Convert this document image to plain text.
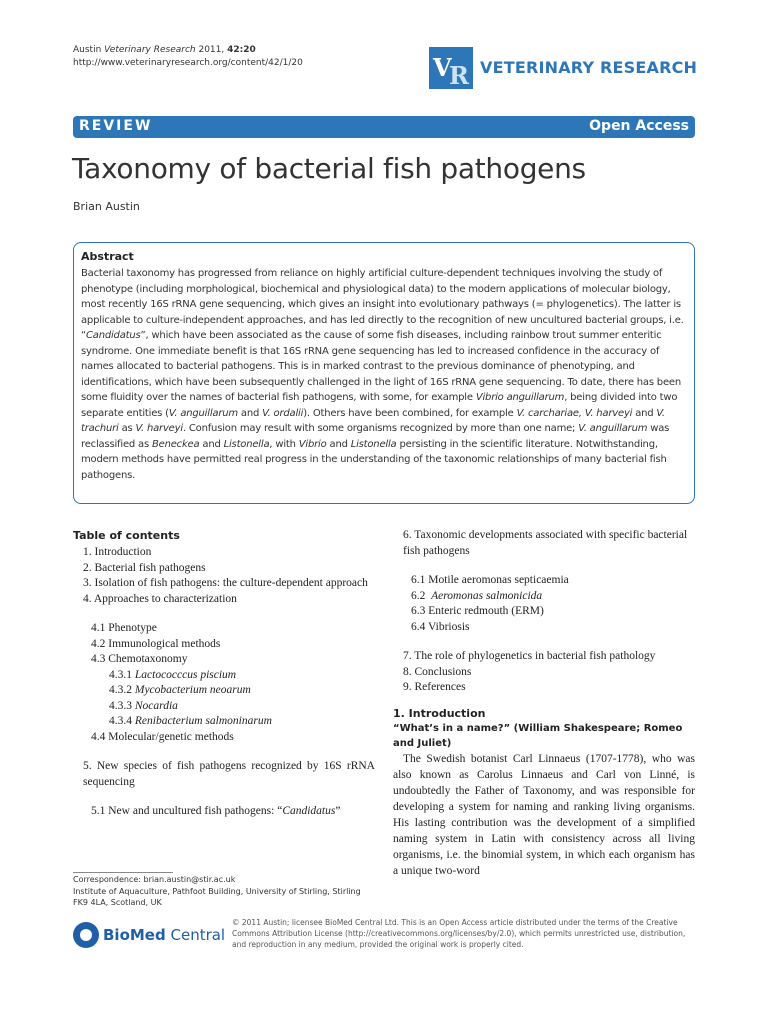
Austin Veterinary Research 2011, 42:20
http://www.veterinaryresearch.org/content/42/1/20	V
R VETERINARY RESEARCH
REVIEW	Open Access
Taxonomy of bacterial fish pathogens
Brian Austin
Abstract

Bacterial taxonomy has progressed from reliance on highly artificial culture-dependent techniques involving the study of phenotype (including morphological, biochemical and physiological data) to the modern applications of molecular biology, most recently 16S rRNA gene sequencing, which gives an insight into evolutionary pathways (= phylogenetics). The latter is applicable to culture-independent approaches, and has led directly to the recognition of new uncultured bacterial groups, i.e. “Candidatus”, which have been associated as the cause of some fish diseases, including rainbow trout summer enteritic syndrome. One immediate benefit is that 16S rRNA gene sequencing has led to increased confidence in the accuracy of names allocated to bacterial pathogens. This is in marked contrast to the previous dominance of phenotyping, and identifications, which have been subsequently challenged in the light of 16S rRNA gene sequencing. To date, there has been some fluidity over the names of bacterial fish pathogens, with some, for example Vibrio anguillarum, being divided into two separate entities (V. anguillarum and V. ordalii). Others have been combined, for example V. carchariae, V. harveyi and V. trachuri as V. harveyi. Confusion may result with some organisms recognized by more than one name; V. anguillarum was reclassified as Beneckea and Listonella, with Vibrio and Listonella persisting in the scientific literature. Notwithstanding, modern methods have permitted real progress in the understanding of the taxonomic relationships of many bacterial fish pathogens.

Table of contents
1. Introduction
2. Bacterial fish pathogens
3. Isolation of fish pathogens: the culture-dependent approach
4. Approaches to characterization
4.1 Phenotype
4.2 Immunological methods
4.3 Chemotaxonomy
4.3.1 Lactococccus piscium
4.3.2 Mycobacterium neoarum
4.3.3 Nocardia
4.3.4 Renibacterium salmoninarum
4.4 Molecular/genetic methods
5. New species of fish pathogens recognized by 16S rRNA sequencing
5.1 New and uncultured fish pathogens: “Candidatus”
6. Taxonomic developments associated with specific bacterial fish pathogens
6.1 Motile aeromonas septicaemia
6.2 Aeromonas salmonicida
6.3 Enteric redmouth (ERM)
6.4 Vibriosis
7. The role of phylogenetics in bacterial fish pathology
8. Conclusions
9. References
1. Introduction
“What’s in a name?” (William Shakespeare; Romeo and Juliet)

The Swedish botanist Carl Linnaeus (1707-1778), who was also known as Carolus Linnaeus and Carl von Linné, is undoubtedly the Father of Taxonomy, and was responsible for developing a system for naming and ranking living organisms. His lasting contribution was the development of a simplified naming system in Latin with consistency across all living organisms, i.e. the binomial system, in which each organism has a unique two-word

Correspondence: brian.austin@stir.ac.uk
Institute of Aquaculture, Pathfoot Building, University of Stirling, Stirling FK9 4LA, Scotland, UK
BioMed Central
© 2011 Austin; licensee BioMed Central Ltd. This is an Open Access article distributed under the terms of the Creative Commons Attribution License (http://creativecommons.org/licenses/by/2.0), which permits unrestricted use, distribution, and reproduction in any medium, provided the original work is properly cited.
